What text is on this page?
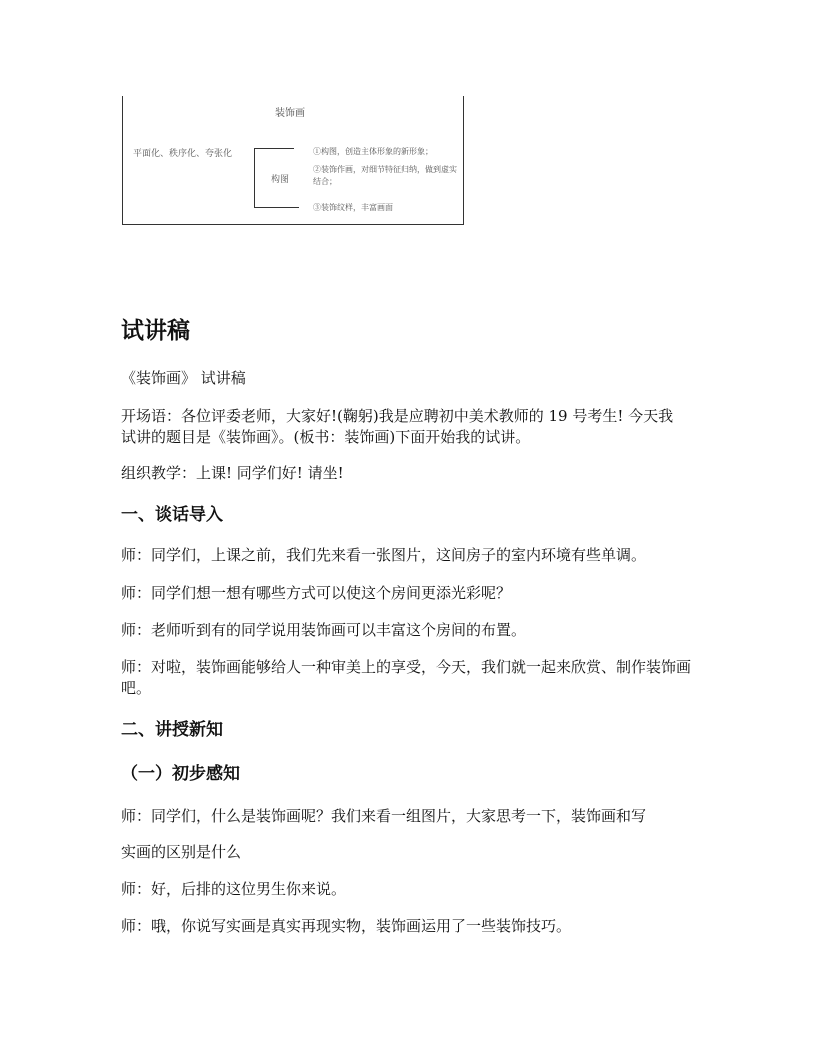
装饰画
平面化、秩序化、夸张化
构图
①构图，创造主体形象的新形象；
②装饰作画，对细节特征归纳，做到虚实结合；
③装饰纹样，丰富画面
试讲稿

《装饰画》 试讲稿

开场语：各位评委老师，大家好!(鞠躬)我是应聘初中美术教师的 19 号考生! 今天我试讲的题目是《装饰画》。(板书：装饰画)下面开始我的试讲。

组织教学：上课! 同学们好! 请坐!

一、谈话导入

师：同学们，上课之前，我们先来看一张图片，这间房子的室内环境有些单调。

师：同学们想一想有哪些方式可以使这个房间更添光彩呢？

师：老师听到有的同学说用装饰画可以丰富这个房间的布置。

师：对啦，装饰画能够给人一种审美上的享受，今天，我们就一起来欣赏、制作装饰画吧。

二、讲授新知
（一）初步感知

师：同学们，什么是装饰画呢？我们来看一组图片，大家思考一下，装饰画和写

实画的区别是什么

师：好，后排的这位男生你来说。

师：哦，你说写实画是真实再现实物，装饰画运用了一些装饰技巧。
